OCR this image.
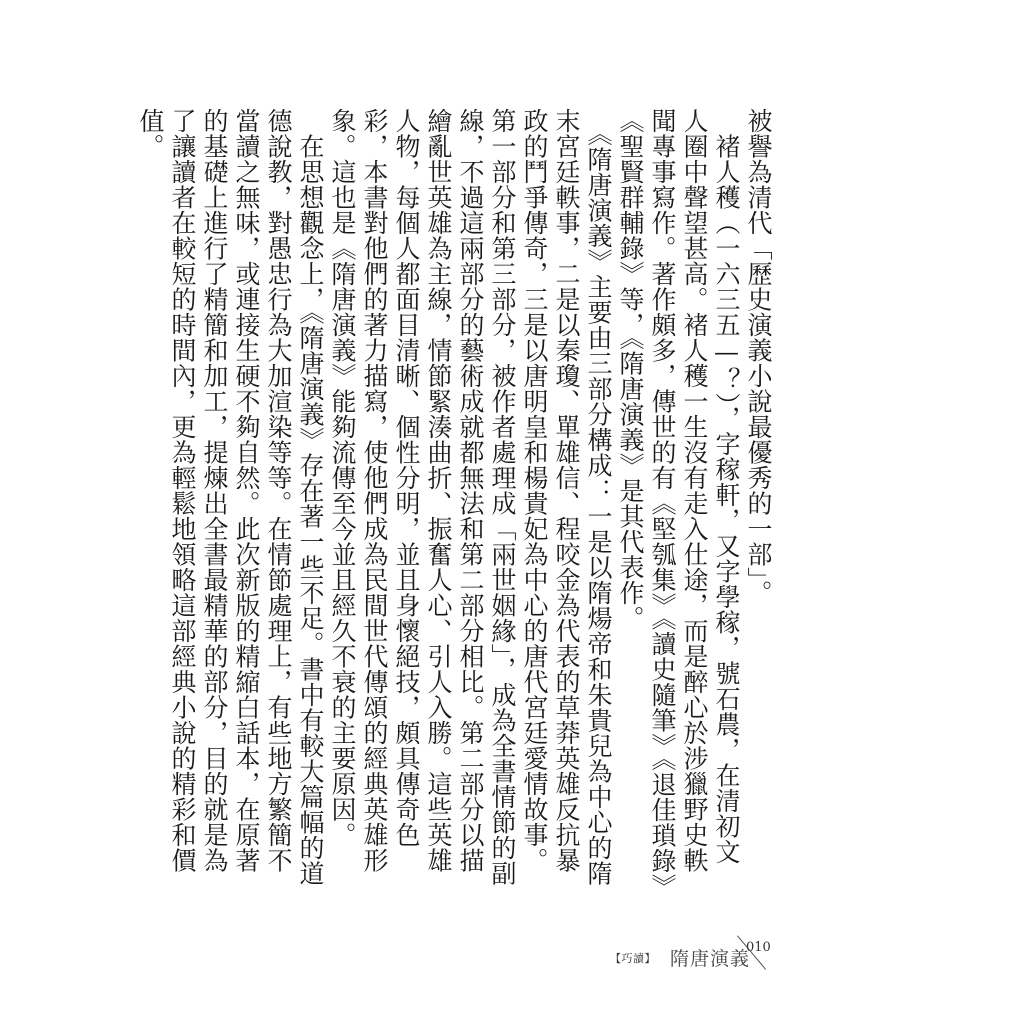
被譽為清代「歷史演義小說最優秀的一部」。

　褚人穫（一六三五—？），字稼軒，又字學稼，號石農，在清初文人圈中聲望甚高。褚人穫一生沒有走入仕途，而是醉心於涉獵野史軼聞專事寫作。著作頗多，傳世的有《堅瓠集》《讀史隨筆》《退佳瑣錄》《聖賢群輔錄》等，《隋唐演義》是其代表作。

　《隋唐演義》主要由三部分構成：一是以隋煬帝和朱貴兒為中心的隋末宮廷軼事，二是以秦瓊、單雄信、程咬金為代表的草莽英雄反抗暴政的鬥爭傳奇，三是以唐明皇和楊貴妃為中心的唐代宮廷愛情故事。第一部分和第三部分，被作者處理成「兩世姻緣」，成為全書情節的副線，不過這兩部分的藝術成就都無法和第二部分相比。第二部分以描繪亂世英雄為主線，情節緊湊曲折、振奮人心、引人入勝。這些英雄人物，每個人都面目清晰、個性分明，並且身懷絕技，頗具傳奇色彩，本書對他們的著力描寫，使他們成為民間世代傳頌的經典英雄形象。這也是《隋唐演義》能夠流傳至今並且經久不衰的主要原因。

　在思想觀念上，《隋唐演義》存在著一些不足。書中有較大篇幅的道德說教，對愚忠行為大加渲染等等。在情節處理上，有些地方繁簡不當讀之無味，或連接生硬不夠自然。此次新版的精縮白話本，在原著的基礎上進行了精簡和加工，提煉出全書最精華的部分，目的就是為了讓讀者在較短的時間內，更為輕鬆地領略這部經典小說的精彩和價值。

【巧讀】 隋唐演義
010
